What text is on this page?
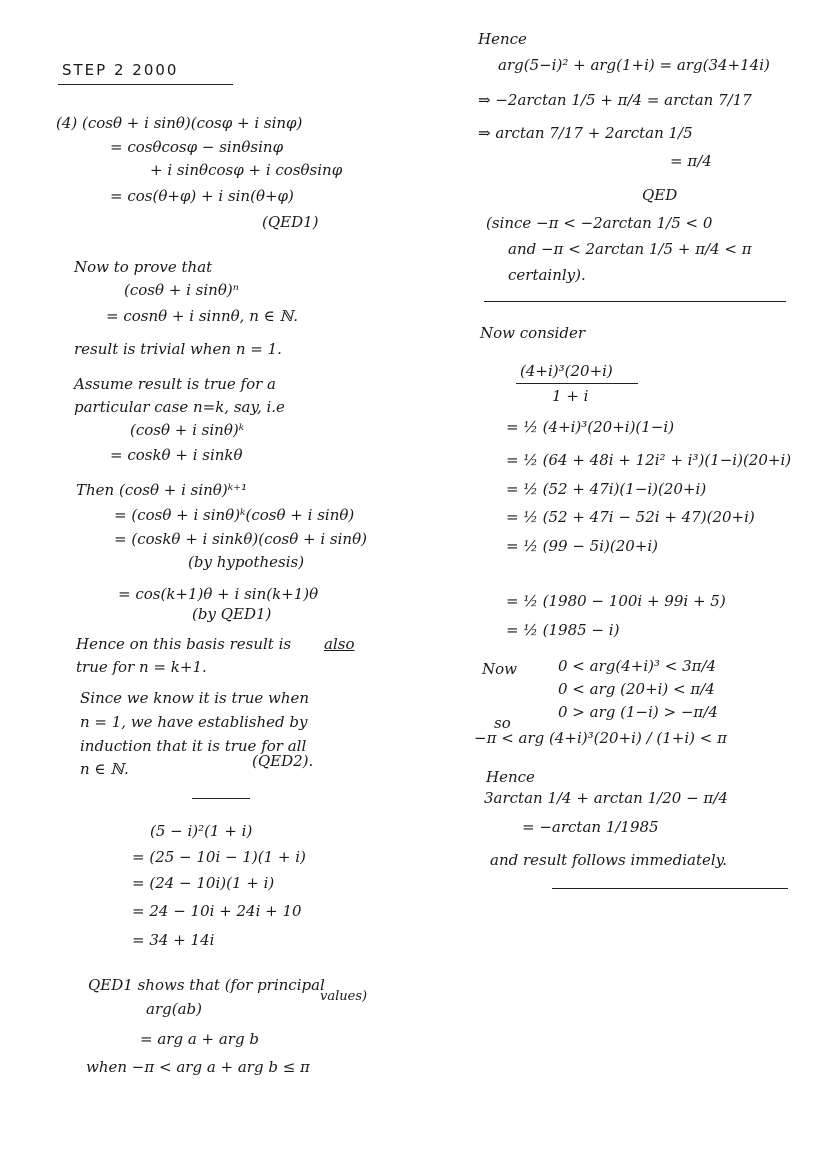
STEP 2 2000
(4) (cosθ + i sinθ)(cosφ + i sinφ)
= cosθcosφ − sinθsinφ
+ i sinθcosφ + i cosθsinφ
= cos(θ+φ) + i sin(θ+φ)
(QED1)
Now to prove that
(cosθ + i sinθ)ⁿ
= cosnθ + i sinnθ, n ∈ ℕ.
result is trivial when n = 1.
Assume result is true for a
particular case n=k, say, i.e
(cosθ + i sinθ)ᵏ
= coskθ + i sinkθ
Then (cosθ + i sinθ)ᵏ⁺¹
= (cosθ + i sinθ)ᵏ(cosθ + i sinθ)
= (coskθ + i sinkθ)(cosθ + i sinθ)
(by hypothesis)
= cos(k+1)θ + i sin(k+1)θ
(by QED1)
Hence on this basis result is also
true for n = k+1.
Since we know it is true when
n = 1, we have established by
induction that it is true for all
n ∈ ℕ.	(QED2).
(5 − i)²(1 + i)
= (25 − 10i − 1)(1 + i)
= (24 − 10i)(1 + i)
= 24 − 10i + 24i + 10
= 34 + 14i
QED1 shows that (for principal
values)
arg(ab)
= arg a + arg b
when −π < arg a + arg b ≤ π
Hence
arg(5−i)² + arg(1+i) = arg(34+14i)
⇒ −2arctan 1/5 + π/4 = arctan 7/17
⇒ arctan 7/17 + 2arctan 1/5
= π/4
QED
(since −π < −2arctan 1/5 < 0
and −π < 2arctan 1/5 + π/4 < π
certainly).
Now consider
(4+i)³(20+i)
1 + i
= ½ (4+i)³(20+i)(1−i)
= ½ (64 + 48i + 12i² + i³)(1−i)(20+i)
= ½ (52 + 47i)(1−i)(20+i)
= ½ (52 + 47i − 52i + 47)(20+i)
= ½ (99 − 5i)(20+i)
= ½ (1980 − 100i + 99i + 5)
= ½ (1985 − i)
Now	0 < arg(4+i)³ < 3π/4
0 < arg (20+i) < π/4
0 > arg (1−i) > −π/4
so
−π < arg (4+i)³(20+i) / (1+i) < π
Hence
3arctan 1/4 + arctan 1/20 − π/4
= −arctan 1/1985
and result follows immediately.
